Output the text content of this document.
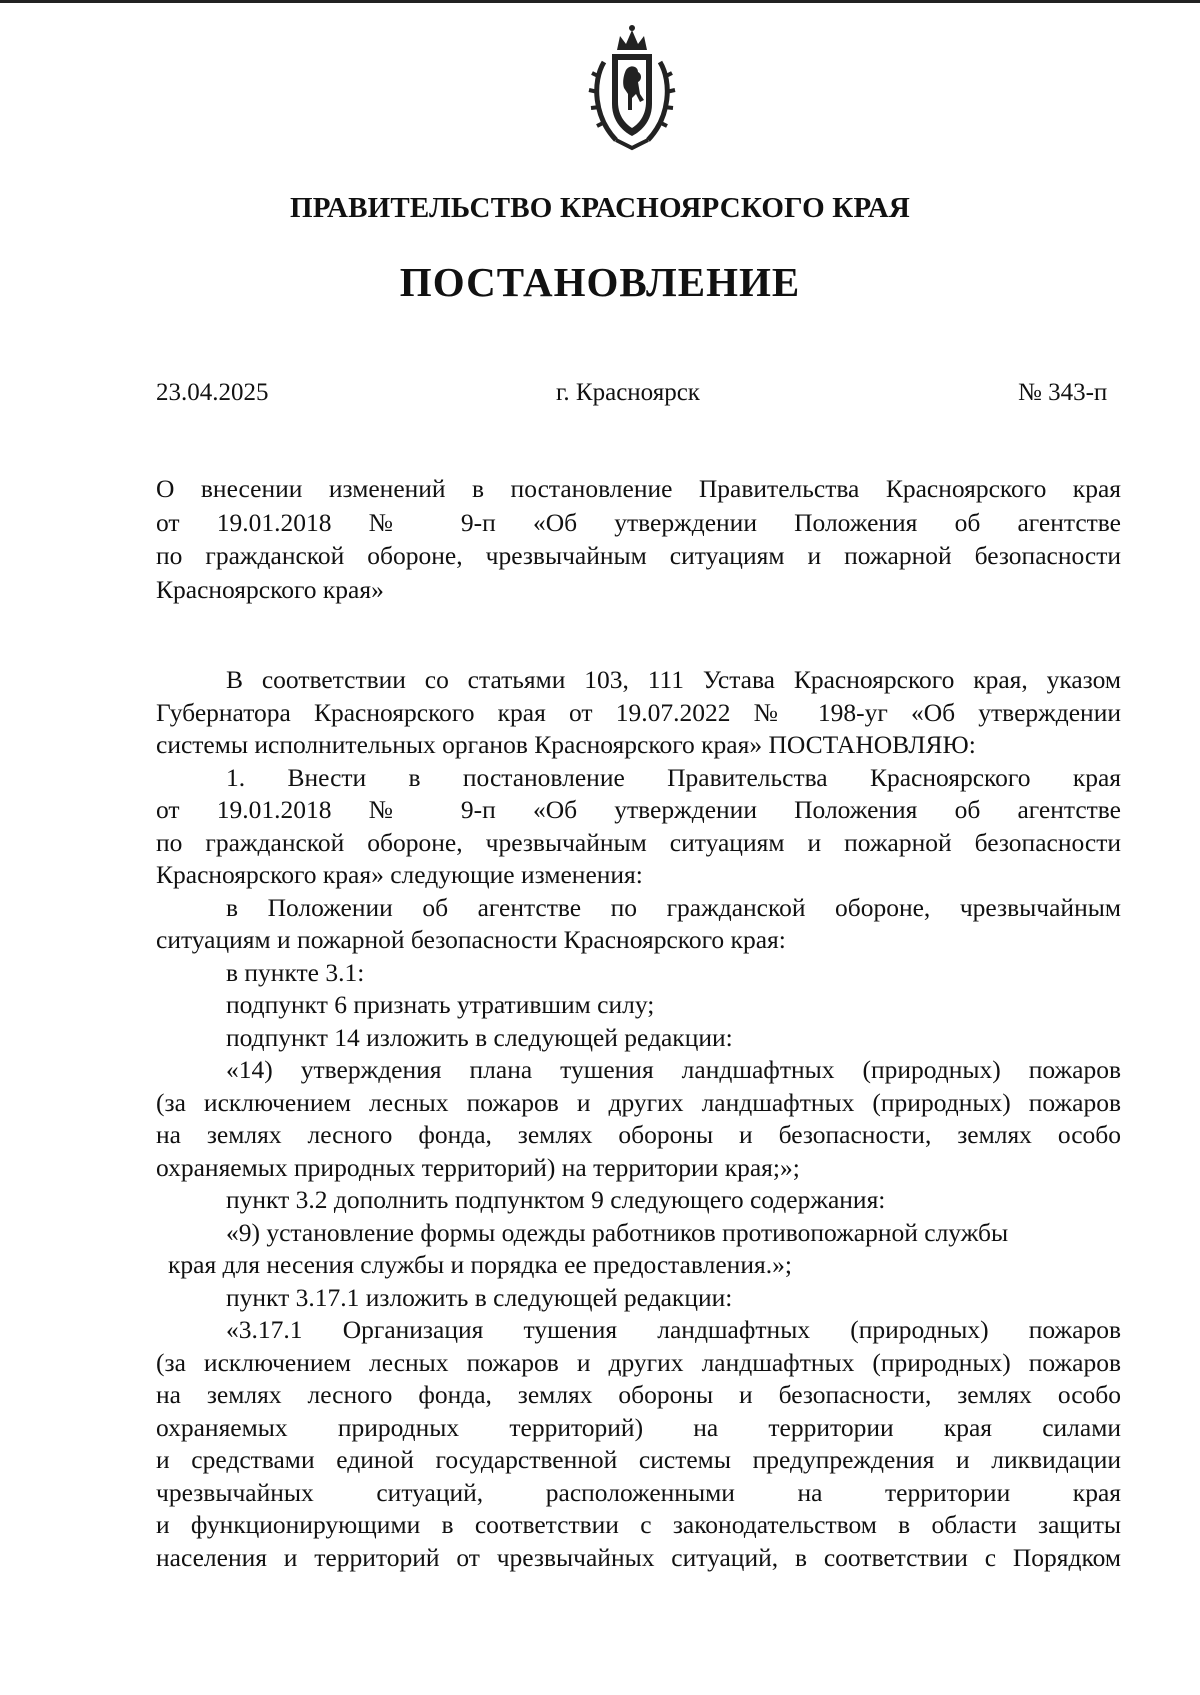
ПРАВИТЕЛЬСТВО КРАСНОЯРСКОГО КРАЯ
ПОСТАНОВЛЕНИЕ
23.04.2025	г. Красноярск	№ 343-п
О внесении изменений в постановление Правительства Красноярского края
от 19.01.2018 № 9-п «Об утверждении Положения об агентстве
по гражданской обороне, чрезвычайным ситуациям и пожарной безопасности
Красноярского края»
В соответствии со статьями 103, 111 Устава Красноярского края, указом
Губернатора Красноярского края от 19.07.2022 № 198-уг «Об утверждении
системы исполнительных органов Красноярского края» ПОСТАНОВЛЯЮ:
1. Внести в постановление Правительства Красноярского края
от 19.01.2018 № 9-п «Об утверждении Положения об агентстве
по гражданской обороне, чрезвычайным ситуациям и пожарной безопасности
Красноярского края» следующие изменения:
в Положении об агентстве по гражданской обороне, чрезвычайным
ситуациям и пожарной безопасности Красноярского края:
в пункте 3.1:
подпункт 6 признать утратившим силу;
подпункт 14 изложить в следующей редакции:
«14) утверждения плана тушения ландшафтных (природных) пожаров
(за исключением лесных пожаров и других ландшафтных (природных) пожаров
на землях лесного фонда, землях обороны и безопасности, землях особо
охраняемых природных территорий) на территории края;»;
пункт 3.2 дополнить подпунктом 9 следующего содержания:
«9) установление формы одежды работников противопожарной службы
края для несения службы и порядка ее предоставления.»;
пункт 3.17.1 изложить в следующей редакции:
«3.17.1 Организация тушения ландшафтных (природных) пожаров
(за исключением лесных пожаров и других ландшафтных (природных) пожаров
на землях лесного фонда, землях обороны и безопасности, землях особо
охраняемых природных территорий) на территории края силами
и средствами единой государственной системы предупреждения и ликвидации
чрезвычайных ситуаций, расположенными на территории края
и функционирующими в соответствии с законодательством в области защиты
населения и территорий от чрезвычайных ситуаций, в соответствии с Порядком
